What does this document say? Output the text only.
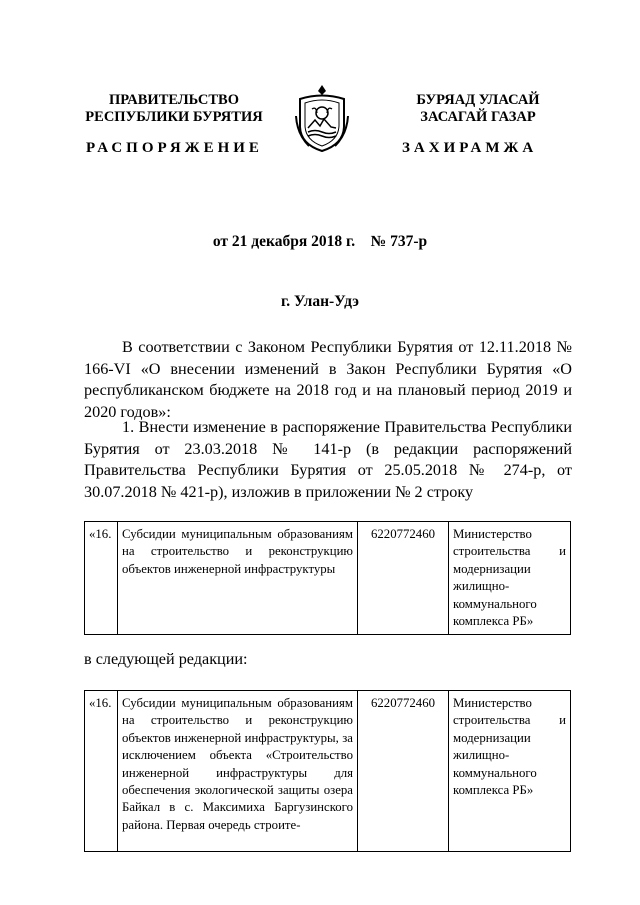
ПРАВИТЕЛЬСТВО
РЕСПУБЛИКИ БУРЯТИЯ
БУРЯАД УЛАСАЙ
ЗАСАГАЙ ГАЗАР
РАСПОРЯЖЕНИЕ	ЗАХИРАМЖА
от 21 декабря 2018 г.    № 737-р
г. Улан-Удэ
В соответствии с Законом Республики Бурятия от 12.11.2018 № 166-VI «О внесении изменений в Закон Республики Бурятия «О республиканском бюджете на 2018 год и на плановый период 2019 и 2020 годов»:
1. Внести изменение в распоряжение Правительства Республики Бурятия от 23.03.2018 № 141-р (в редакции распоряжений Правительства Республики Бурятия от 25.05.2018 № 274-р, от 30.07.2018 № 421-р), изложив в приложении № 2 строку
«16.	Субсидии муниципальным образованиям на строительство и реконструкцию объектов инженерной инфраструктуры	6220772460	Министерство строительства и модернизации жилищно-коммунального комплекса РБ»
в следующей редакции:
«16.	Субсидии муниципальным образованиям на строительство и реконструкцию объектов инженерной инфраструктуры, за исключением объекта «Строительство инженерной инфраструктуры для обеспечения экологической защиты озера Байкал в с. Максимиха Баргузинского района. Первая очередь строите-	6220772460	Министерство строительства и модернизации жилищно-коммунального комплекса РБ»
